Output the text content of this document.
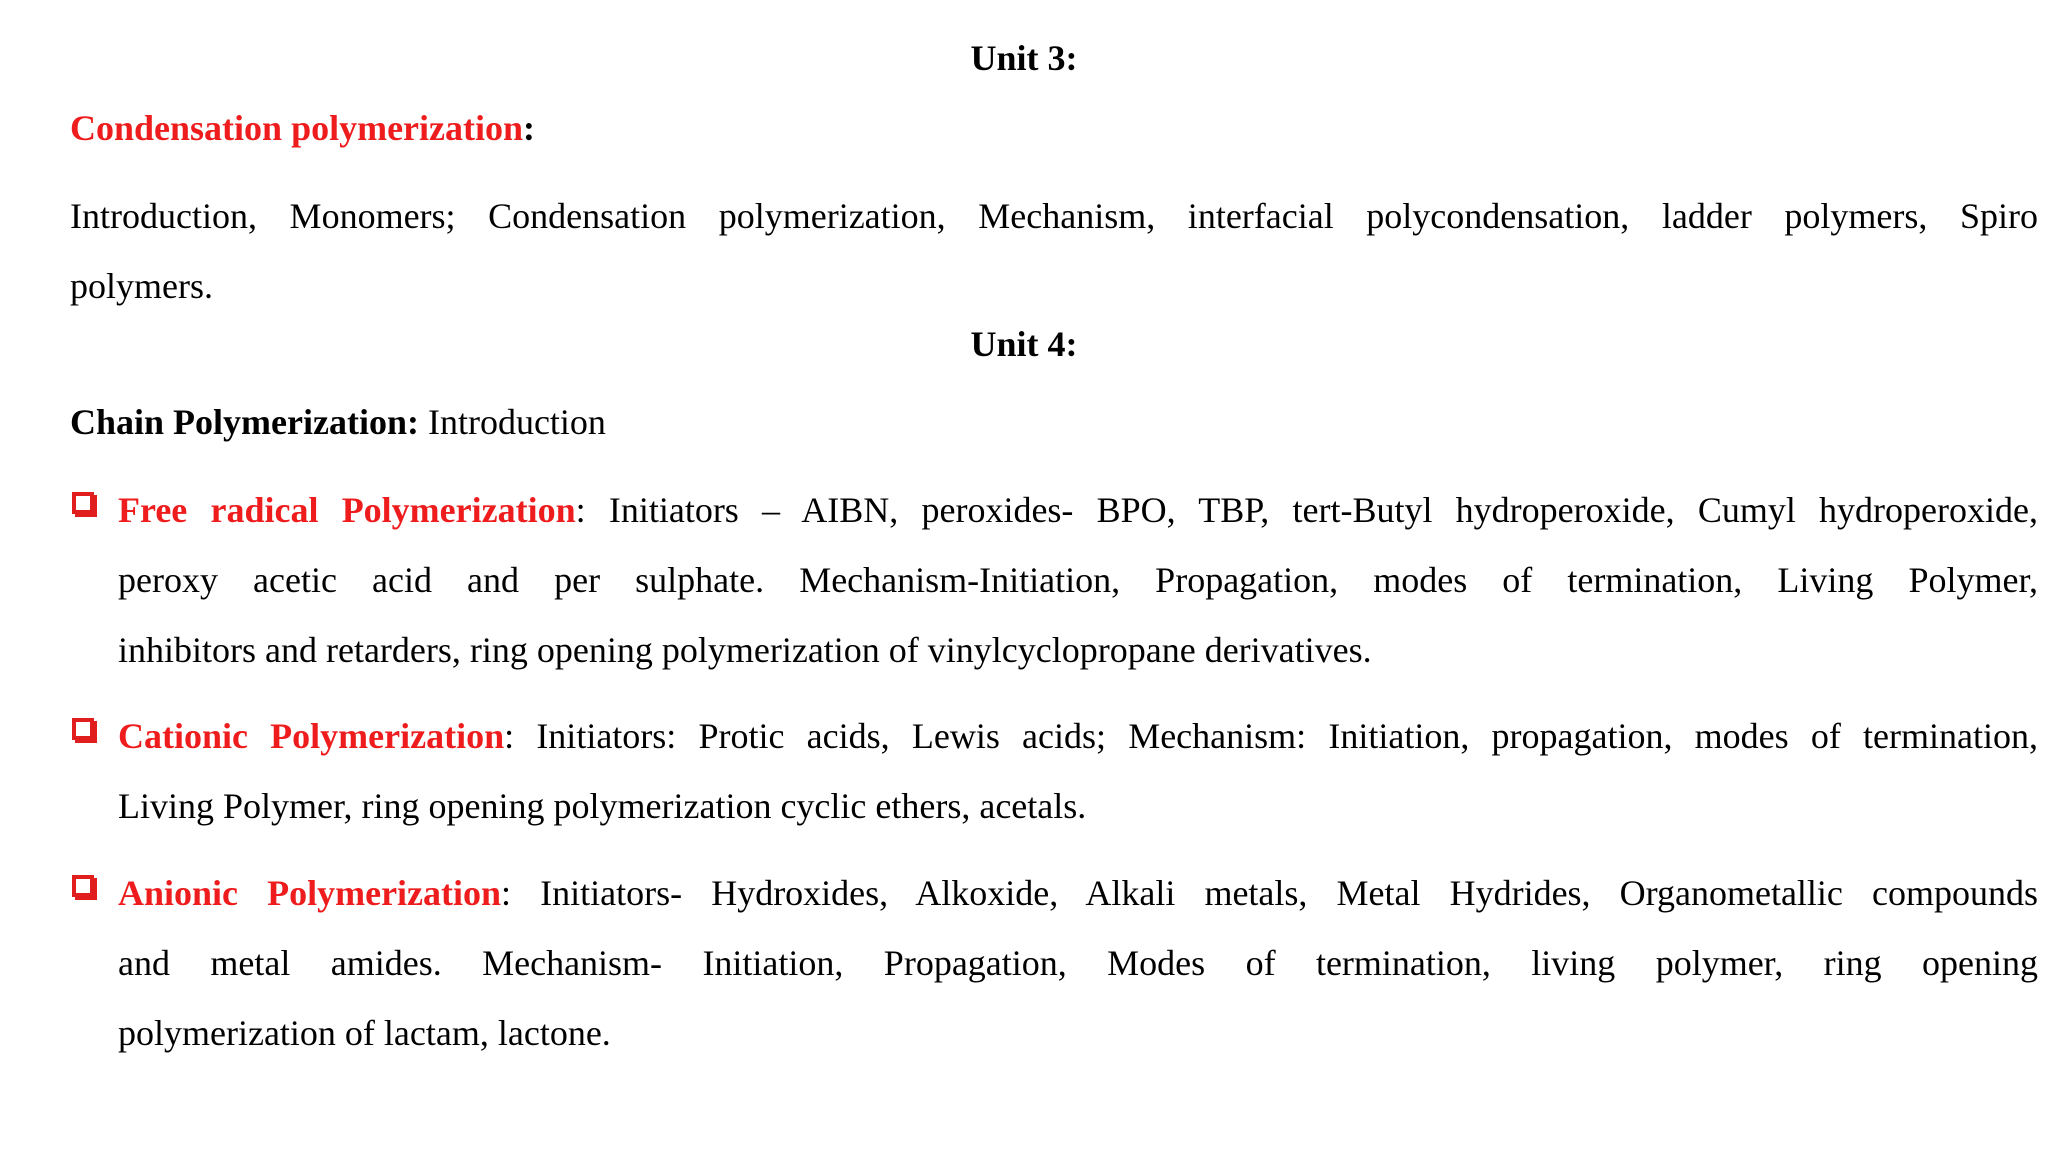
Unit 3:
Condensation polymerization:
Introduction, Monomers; Condensation polymerization, Mechanism, interfacial polycondensation, ladder polymers, Spiro
polymers.
Unit 4:
Chain Polymerization: Introduction
Free radical Polymerization: Initiators – AIBN, peroxides- BPO, TBP, tert-Butyl hydroperoxide, Cumyl hydroperoxide,
peroxy acetic acid and per sulphate. Mechanism-Initiation, Propagation, modes of termination, Living Polymer,
inhibitors and retarders, ring opening polymerization of vinylcyclopropane derivatives.
Cationic Polymerization: Initiators: Protic acids, Lewis acids; Mechanism: Initiation, propagation, modes of termination,
Living Polymer, ring opening polymerization cyclic ethers, acetals.
Anionic Polymerization: Initiators- Hydroxides, Alkoxide, Alkali metals, Metal Hydrides, Organometallic compounds
and metal amides. Mechanism- Initiation, Propagation, Modes of termination, living polymer, ring opening
polymerization of lactam, lactone.
